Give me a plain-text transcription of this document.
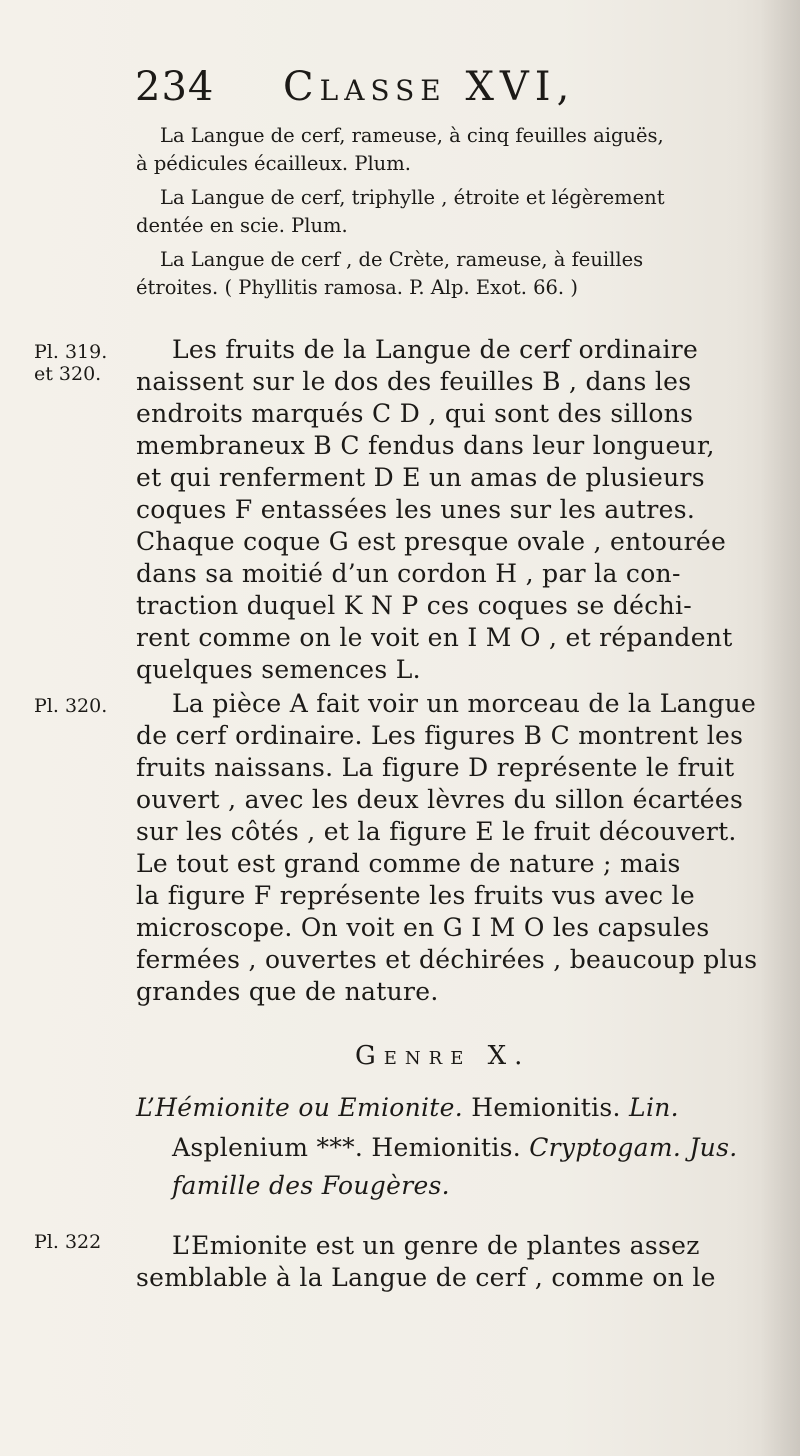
234 Classe XVI,
La Langue de cerf, rameuse, à cinq feuilles aiguës,
à pédicules écailleux. Plum.
La Langue de cerf, triphylle , étroite et légèrement
dentée en scie. Plum.
La Langue de cerf , de Crète, rameuse, à feuilles
étroites. ( Phyllitis ramosa. P. Alp. Exot. 66. )
Pl. 319.
et 320.
Pl. 320.
Pl. 322
Les fruits de la Langue de cerf ordinaire
naissent sur le dos des feuilles B , dans les
endroits marqués C D , qui sont des sillons
membraneux B C fendus dans leur longueur,
et qui renferment D E un amas de plusieurs
coques F entassées les unes sur les autres.
Chaque coque G est presque ovale , entourée
dans sa moitié d’un cordon H , par la con-
traction duquel K N P ces coques se déchi-
rent comme on le voit en I M O , et répandent
quelques semences L.
La pièce A fait voir un morceau de la Langue
de cerf ordinaire. Les figures B C montrent les
fruits naissans. La figure D représente le fruit
ouvert , avec les deux lèvres du sillon écartées
sur les côtés , et la figure E le fruit découvert.
Le tout est grand comme de nature ; mais
la figure F représente les fruits vus avec le
microscope. On voit en G I M O les capsules
fermées , ouvertes et déchirées , beaucoup plus
grandes que de nature.
Genre X.
L’Hémionite ou Emionite. Hemionitis. Lin.
Asplenium ***. Hemionitis. Cryptogam. Jus.
famille des Fougères.
L’Emionite est un genre de plantes assez
semblable à la Langue de cerf , comme on le
